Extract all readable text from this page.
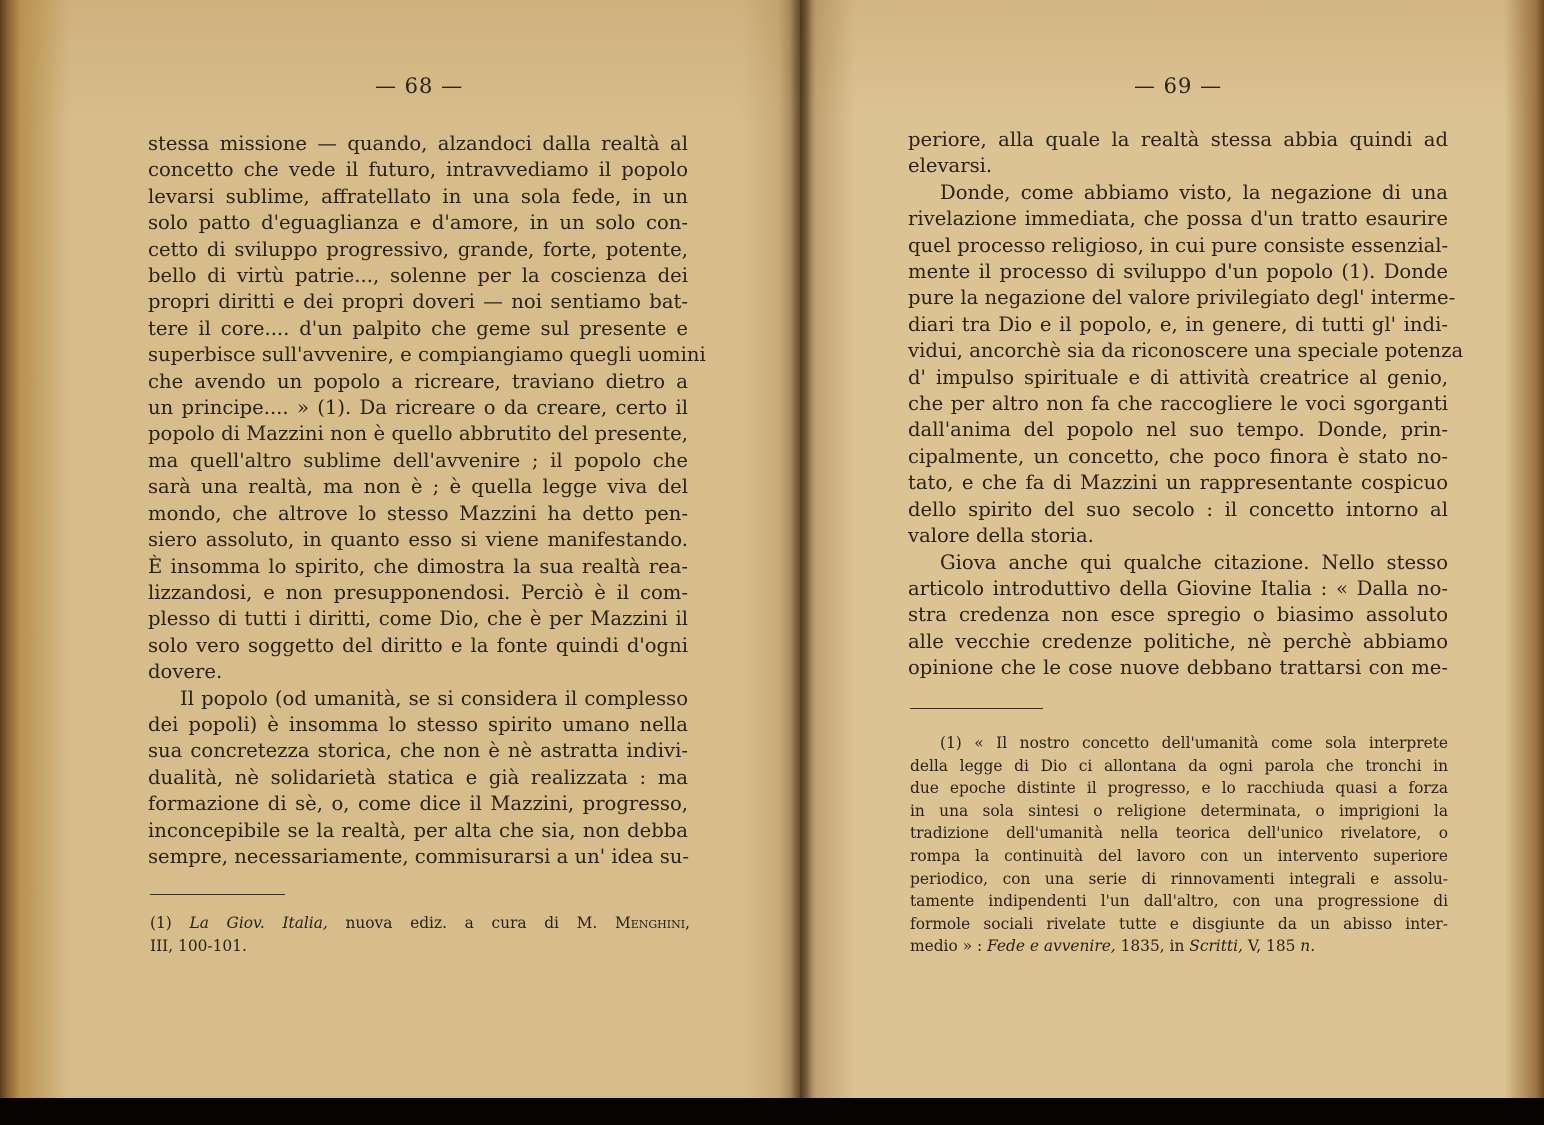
— 68 —
stessa missione — quando, alzandoci dalla realtà al
concetto che vede il futuro, intravvediamo il popolo
levarsi sublime, affratellato in una sola fede, in un
solo patto d'eguaglianza e d'amore, in un solo con-
cetto di sviluppo progressivo, grande, forte, potente,
bello di virtù patrie..., solenne per la coscienza dei
propri diritti e dei propri doveri — noi sentiamo bat-
tere il core.... d'un palpito che geme sul presente e
superbisce sull'avvenire, e compiangiamo quegli uomini
che avendo un popolo a ricreare, traviano dietro a
un principe.... » (1). Da ricreare o da creare, certo il
popolo di Mazzini non è quello abbrutito del presente,
ma quell'altro sublime dell'avvenire ; il popolo che
sarà una realtà, ma non è ; è quella legge viva del
mondo, che altrove lo stesso Mazzini ha detto pen-
siero assoluto, in quanto esso si viene manifestando.
È insomma lo spirito, che dimostra la sua realtà rea-
lizzandosi, e non presupponendosi. Perciò è il com-
plesso di tutti i diritti, come Dio, che è per Mazzini il
solo vero soggetto del diritto e la fonte quindi d'ogni
dovere.
Il popolo (od umanità, se si considera il complesso
dei popoli) è insomma lo stesso spirito umano nella
sua concretezza storica, che non è nè astratta indivi-
dualità, nè solidarietà statica e già realizzata : ma
formazione di sè, o, come dice il Mazzini, progresso,
inconcepibile se la realtà, per alta che sia, non debba
sempre, necessariamente, commisurarsi a un' idea su-
(1) La Giov. Italia, nuova ediz. a cura di M. Menghini,
III, 100-101.
— 69 —
periore, alla quale la realtà stessa abbia quindi ad
elevarsi.
Donde, come abbiamo visto, la negazione di una
rivelazione immediata, che possa d'un tratto esaurire
quel processo religioso, in cui pure consiste essenzial-
mente il processo di sviluppo d'un popolo (1). Donde
pure la negazione del valore privilegiato degl' interme-
diari tra Dio e il popolo, e, in genere, di tutti gl' indi-
vidui, ancorchè sia da riconoscere una speciale potenza
d' impulso spirituale e di attività creatrice al genio,
che per altro non fa che raccogliere le voci sgorganti
dall'anima del popolo nel suo tempo. Donde, prin-
cipalmente, un concetto, che poco finora è stato no-
tato, e che fa di Mazzini un rappresentante cospicuo
dello spirito del suo secolo : il concetto intorno al
valore della storia.
Giova anche qui qualche citazione. Nello stesso
articolo introduttivo della Giovine Italia : « Dalla no-
stra credenza non esce spregio o biasimo assoluto
alle vecchie credenze politiche, nè perchè abbiamo
opinione che le cose nuove debbano trattarsi con me-
(1) « Il nostro concetto dell'umanità come sola interprete
della legge di Dio ci allontana da ogni parola che tronchi in
due epoche distinte il progresso, e lo racchiuda quasi a forza
in una sola sintesi o religione determinata, o imprigioni la
tradizione dell'umanità nella teorica dell'unico rivelatore, o
rompa la continuità del lavoro con un intervento superiore
periodico, con una serie di rinnovamenti integrali e assolu-
tamente indipendenti l'un dall'altro, con una progressione di
formole sociali rivelate tutte e disgiunte da un abisso inter-
medio » : Fede e avvenire, 1835, in Scritti, V, 185 n.
